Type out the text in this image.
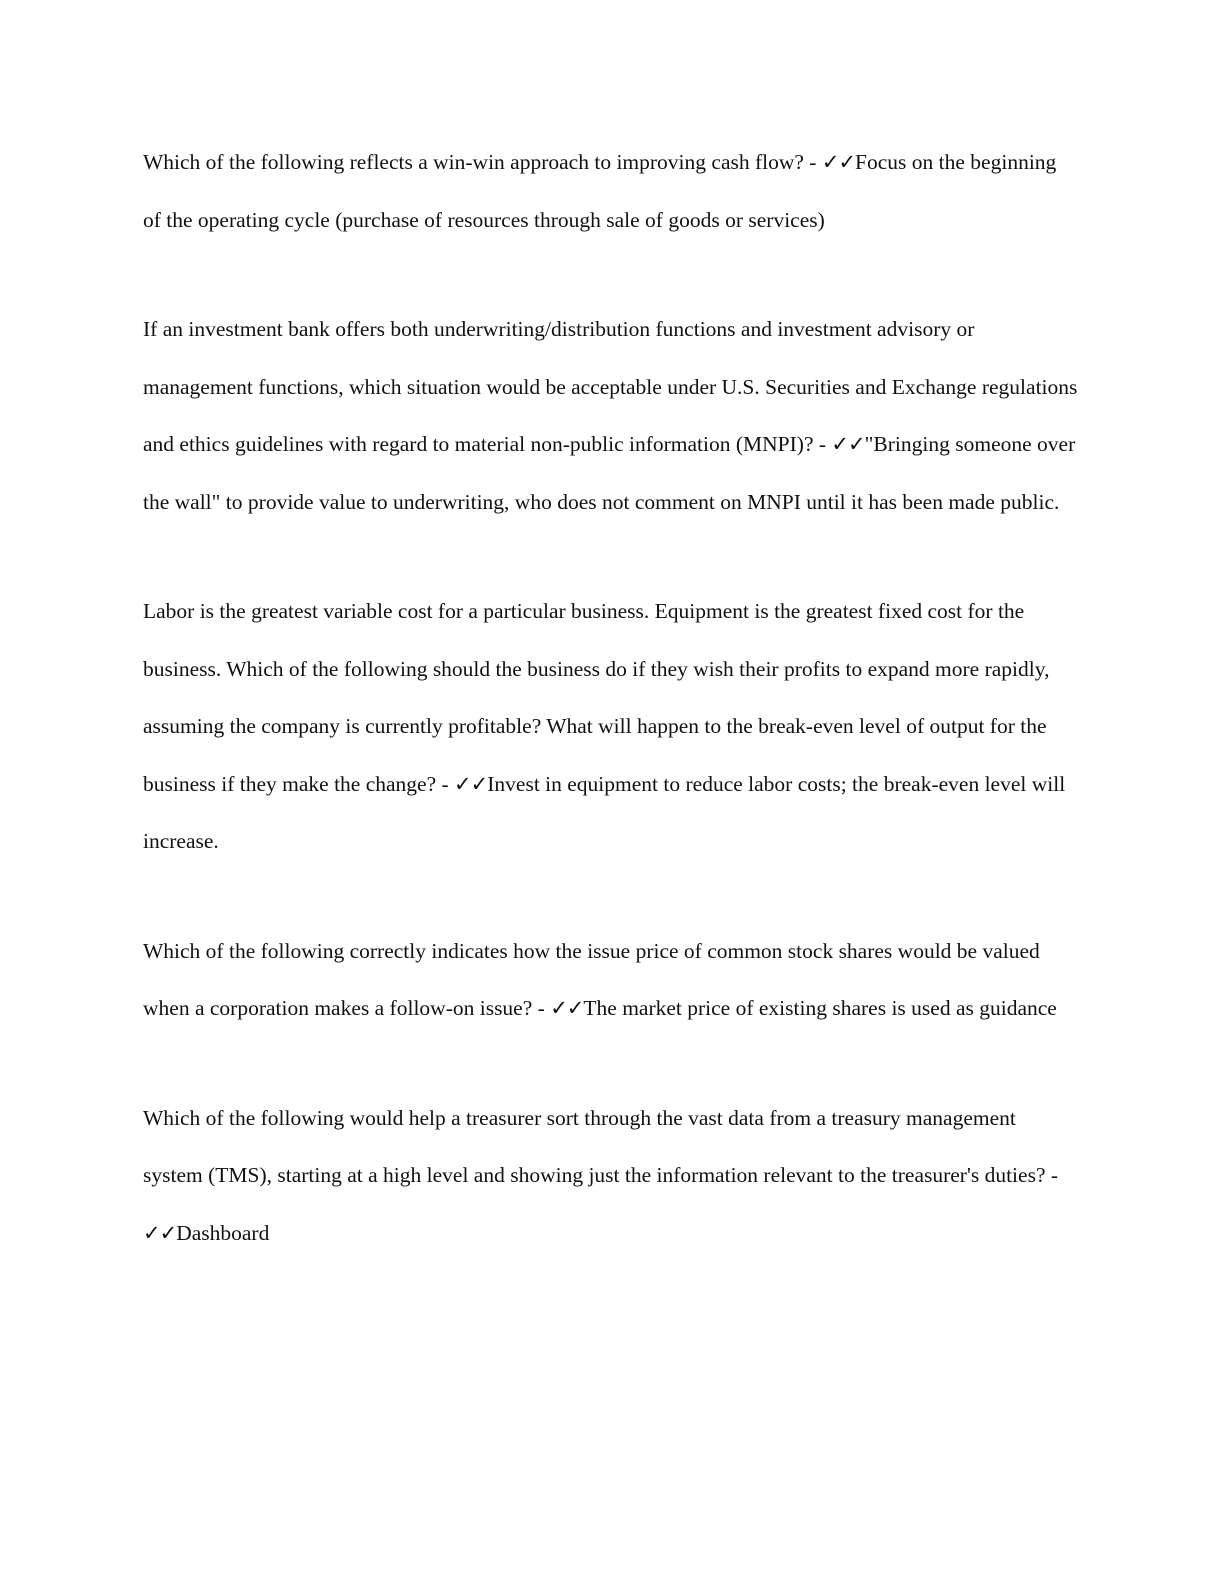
Which of the following reflects a win-win approach to improving cash flow? - ✓✓Focus on the beginning of the operating cycle (purchase of resources through sale of goods or services)

If an investment bank offers both underwriting/distribution functions and investment advisory or management functions, which situation would be acceptable under U.S. Securities and Exchange regulations and ethics guidelines with regard to material non-public information (MNPI)? - ✓✓"Bringing someone over the wall" to provide value to underwriting, who does not comment on MNPI until it has been made public.

Labor is the greatest variable cost for a particular business. Equipment is the greatest fixed cost for the business. Which of the following should the business do if they wish their profits to expand more rapidly, assuming the company is currently profitable? What will happen to the break-even level of output for the business if they make the change? - ✓✓Invest in equipment to reduce labor costs; the break-even level will increase.

Which of the following correctly indicates how the issue price of common stock shares would be valued when a corporation makes a follow-on issue? - ✓✓The market price of existing shares is used as guidance

Which of the following would help a treasurer sort through the vast data from a treasury management system (TMS), starting at a high level and showing just the information relevant to the treasurer's duties? - ✓✓Dashboard
